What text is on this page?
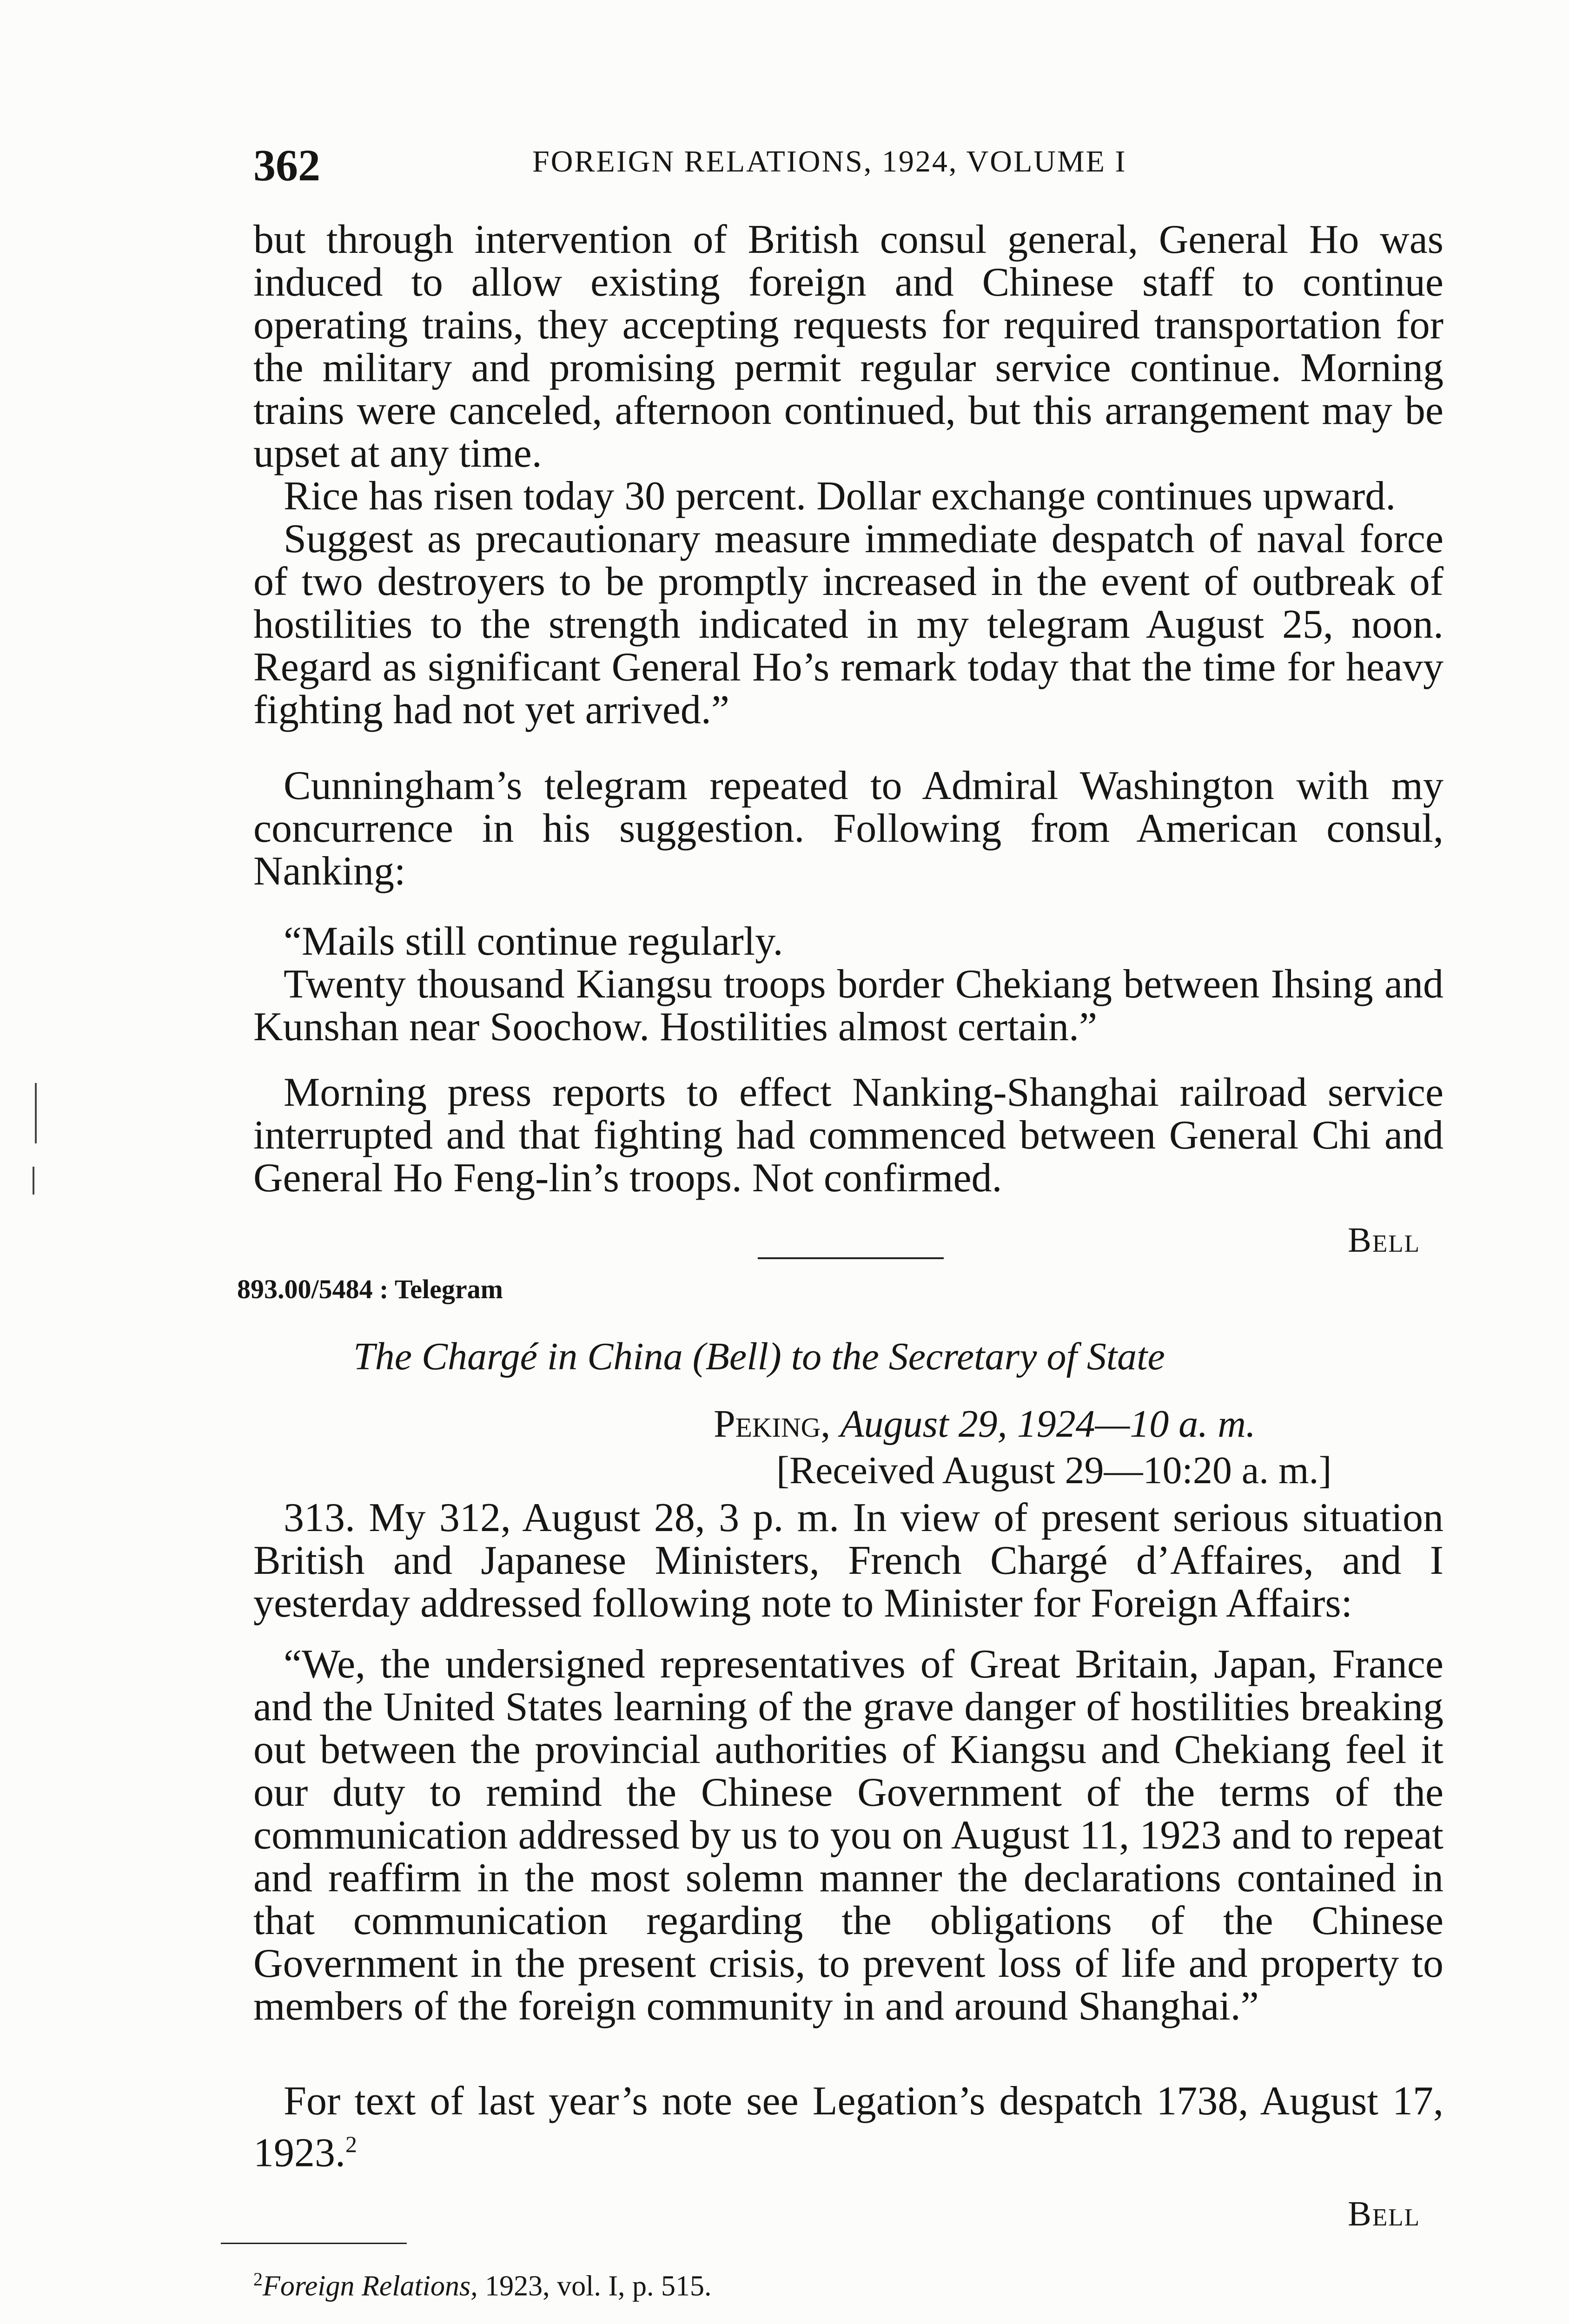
362	FOREIGN RELATIONS, 1924, VOLUME I

but through intervention of British consul general, General Ho was induced to allow existing foreign and Chinese staff to continue operating trains, they accepting requests for required transportation for the military and promising permit regular service continue. Morning trains were canceled, afternoon continued, but this arrangement may be upset at any time.

Rice has risen today 30 percent. Dollar exchange continues upward.

Suggest as precautionary measure immediate despatch of naval force of two destroyers to be promptly increased in the event of outbreak of hostilities to the strength indicated in my telegram August 25, noon. Regard as significant General Ho’s remark today that the time for heavy fighting had not yet arrived.”

Cunningham’s telegram repeated to Admiral Washington with my concurrence in his suggestion. Following from American consul, Nanking:

“Mails still continue regularly.

Twenty thousand Kiangsu troops border Chekiang between Ihsing and Kunshan near Soochow. Hostilities almost certain.”

Morning press reports to effect Nanking-Shanghai railroad service interrupted and that fighting had commenced between General Chi and General Ho Feng-lin’s troops. Not confirmed.

Bell
893.00/5484 : Telegram
The Chargé in China (Bell) to the Secretary of State
Peking, August 29, 1924—10 a. m.
[Received August 29—10:20 a. m.]

313. My 312, August 28, 3 p. m. In view of present serious situation British and Japanese Ministers, French Chargé d’Affaires, and I yesterday addressed following note to Minister for Foreign Affairs:

“We, the undersigned representatives of Great Britain, Japan, France and the United States learning of the grave danger of hostilities breaking out between the provincial authorities of Kiangsu and Chekiang feel it our duty to remind the Chinese Government of the terms of the communication addressed by us to you on August 11, 1923 and to repeat and reaffirm in the most solemn manner the declarations contained in that communication regarding the obligations of the Chinese Government in the present crisis, to prevent loss of life and property to members of the foreign community in and around Shanghai.”

For text of last year’s note see Legation’s despatch 1738, August 17, 1923.$^2$

Bell
$^2$Foreign Relations, 1923, vol. I, p. 515.
